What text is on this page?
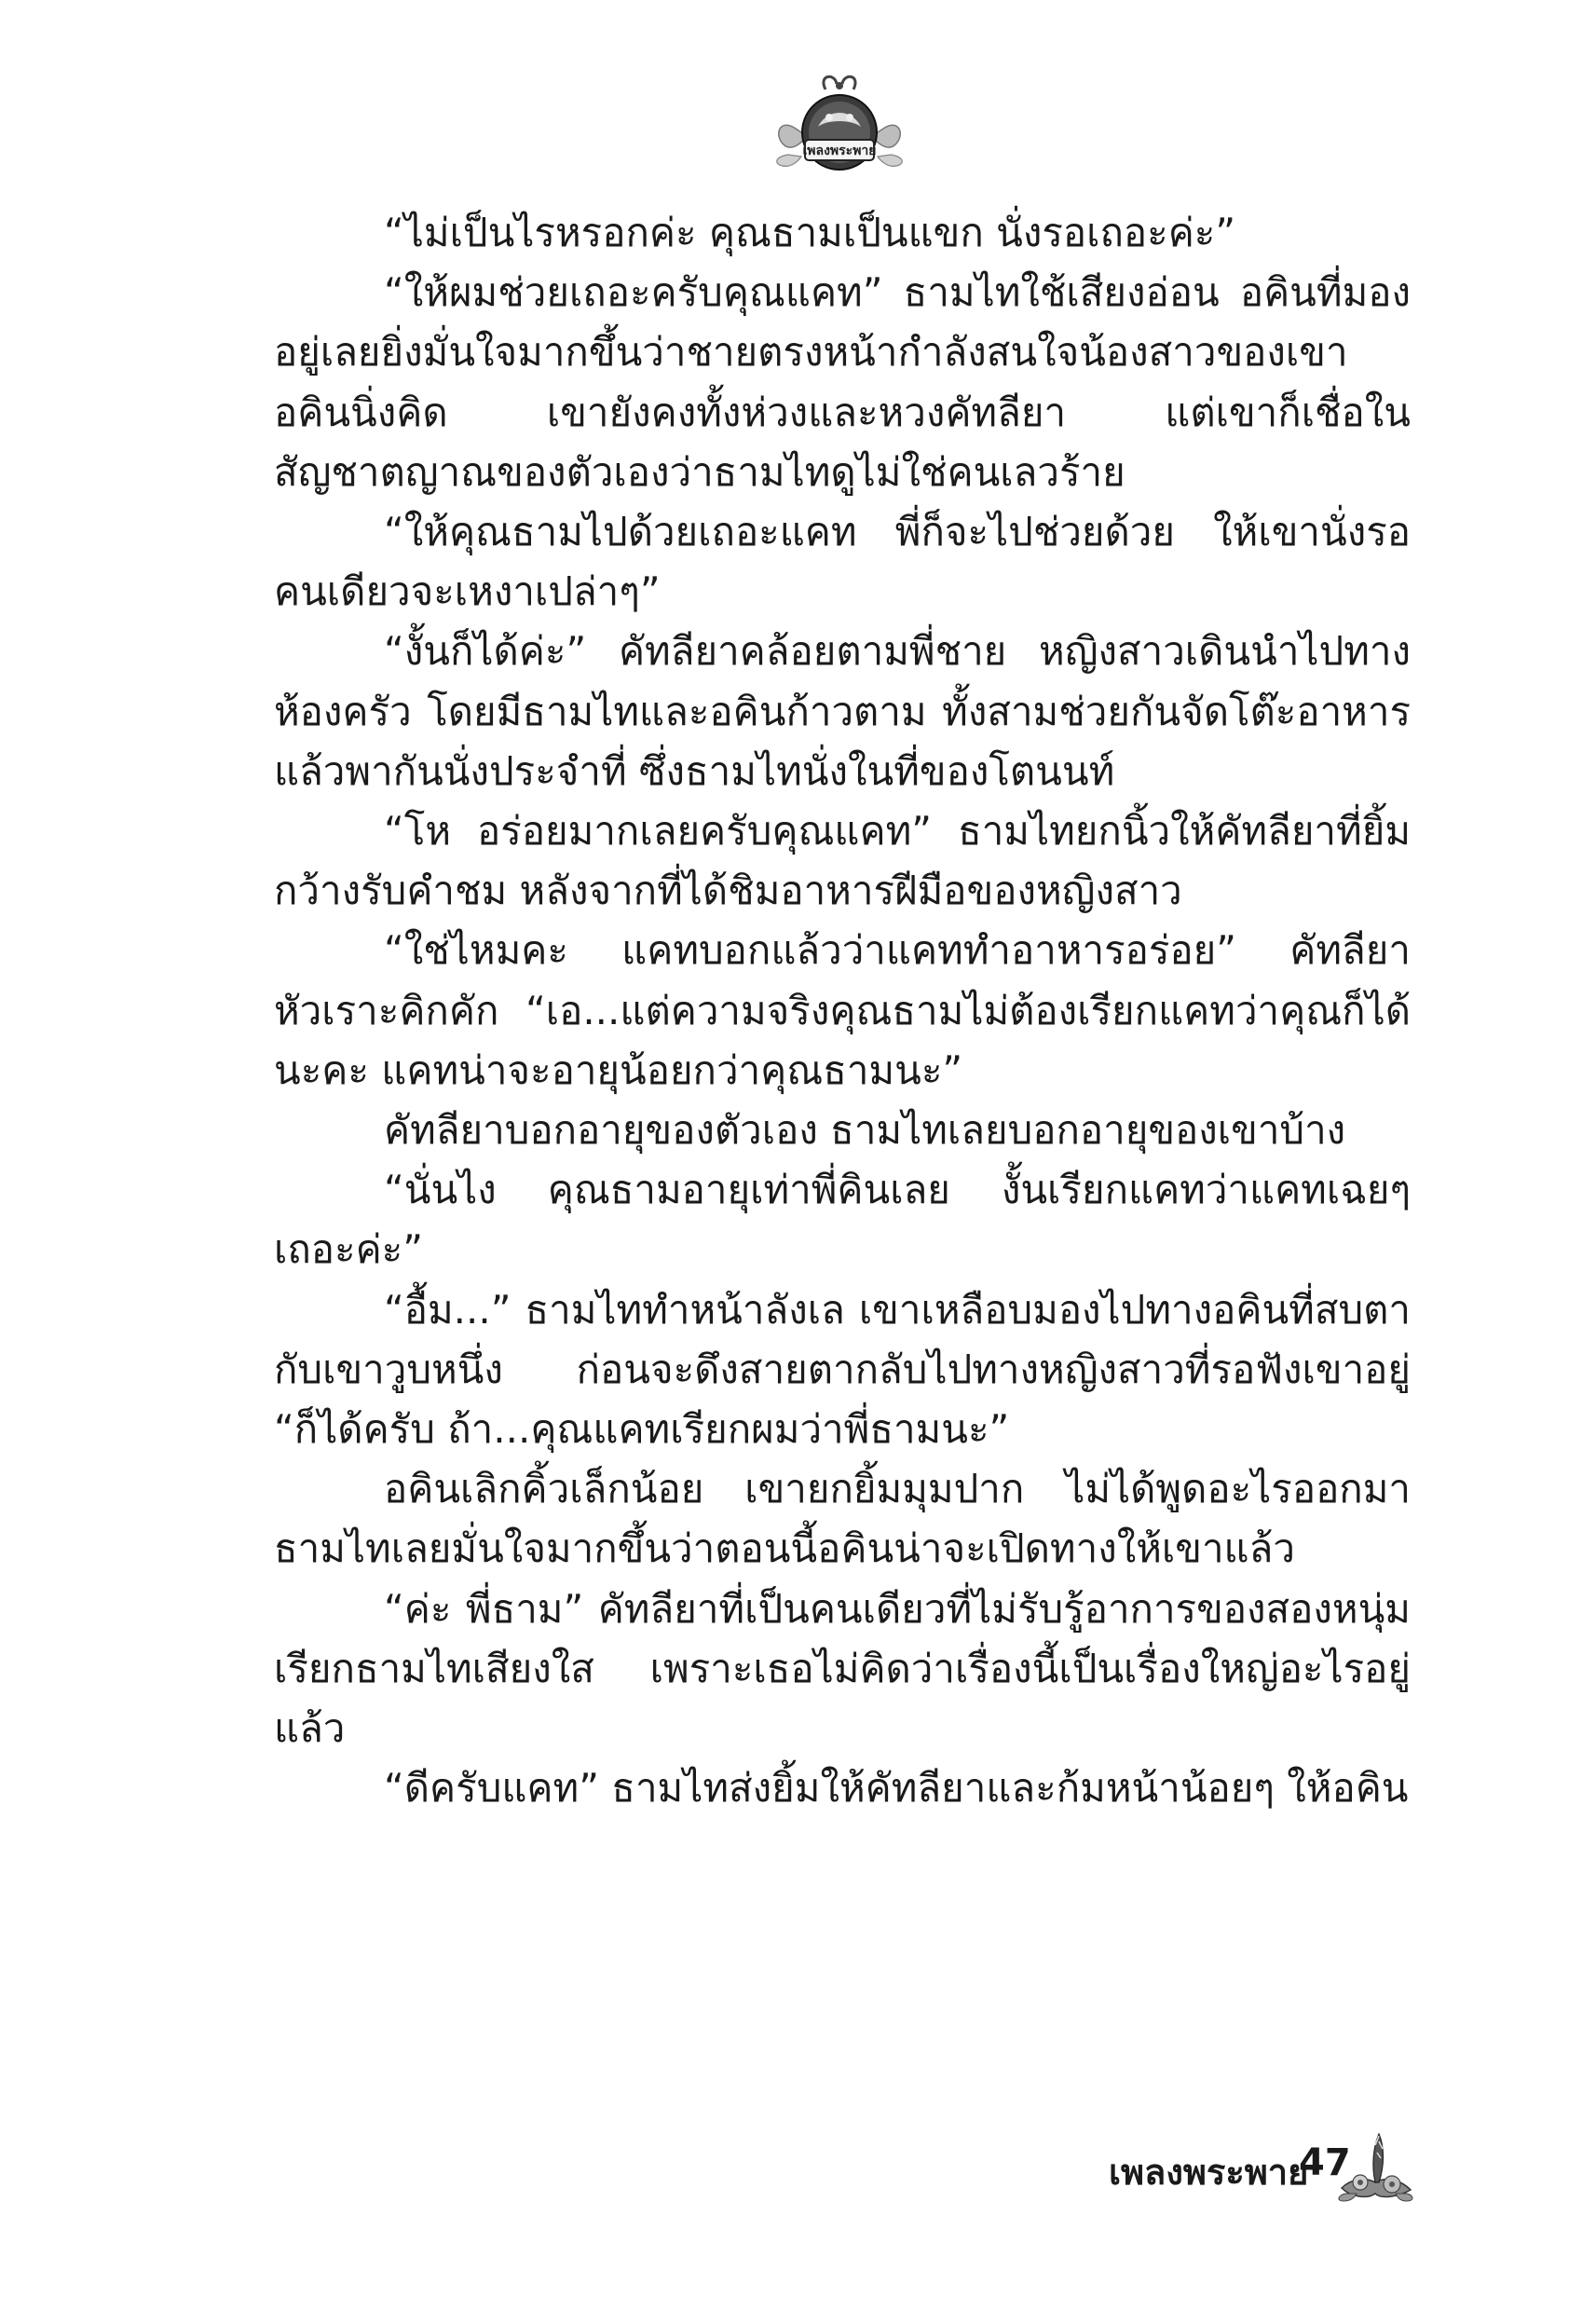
เพลงพระพาย

“ไม่เป็นไรหรอกค่ะ คุณธามเป็นแขก นั่งรอเถอะค่ะ”

“ให้ผมช่วยเถอะครับคุณแคท” ธามไทใช้เสียงอ่อน อคินที่มองอยู่เลยยิ่งมั่นใจมากขึ้นว่าชายตรงหน้ากำลังสนใจน้องสาวของเขา อคินนิ่งคิด เขายังคงทั้งห่วงและหวงคัทลียา แต่เขาก็เชื่อในสัญชาตญาณของตัวเองว่าธามไทดูไม่ใช่คนเลวร้าย

“ให้คุณธามไปด้วยเถอะแคท พี่ก็จะไปช่วยด้วย ให้เขานั่งรอคนเดียวจะเหงาเปล่าๆ”

“งั้นก็ได้ค่ะ” คัทลียาคล้อยตามพี่ชาย หญิงสาวเดินนำไปทางห้องครัว โดยมีธามไทและอคินก้าวตาม ทั้งสามช่วยกันจัดโต๊ะอาหารแล้วพากันนั่งประจำที่ ซึ่งธามไทนั่งในที่ของโตนนท์

“โห อร่อยมากเลยครับคุณแคท” ธามไทยกนิ้วให้คัทลียาที่ยิ้มกว้างรับคำชม หลังจากที่ได้ชิมอาหารฝีมือของหญิงสาว

“ใช่ไหมคะ แคทบอกแล้วว่าแคททำอาหารอร่อย” คัทลียาหัวเราะคิกคัก “เอ...แต่ความจริงคุณธามไม่ต้องเรียกแคทว่าคุณก็ได้นะคะ แคทน่าจะอายุน้อยกว่าคุณธามนะ”

คัทลียาบอกอายุของตัวเอง ธามไทเลยบอกอายุของเขาบ้าง

“นั่นไง คุณธามอายุเท่าพี่คินเลย งั้นเรียกแคทว่าแคทเฉยๆเถอะค่ะ”

“อื้ม...” ธามไททำหน้าลังเล เขาเหลือบมองไปทางอคินที่สบตากับเขาวูบหนึ่ง ก่อนจะดึงสายตากลับไปทางหญิงสาวที่รอฟังเขาอยู่ “ก็ได้ครับ ถ้า...คุณแคทเรียกผมว่าพี่ธามนะ”

อคินเลิกคิ้วเล็กน้อย เขายกยิ้มมุมปาก ไม่ได้พูดอะไรออกมา ธามไทเลยมั่นใจมากขึ้นว่าตอนนี้อคินน่าจะเปิดทางให้เขาแล้ว

“ค่ะ พี่ธาม” คัทลียาที่เป็นคนเดียวที่ไม่รับรู้อาการของสองหนุ่มเรียกธามไทเสียงใส เพราะเธอไม่คิดว่าเรื่องนี้เป็นเรื่องใหญ่อะไรอยู่แล้ว

“ดีครับแคท” ธามไทส่งยิ้มให้คัทลียาและก้มหน้าน้อยๆ ให้อคิน

เพลงพระพาย
47
